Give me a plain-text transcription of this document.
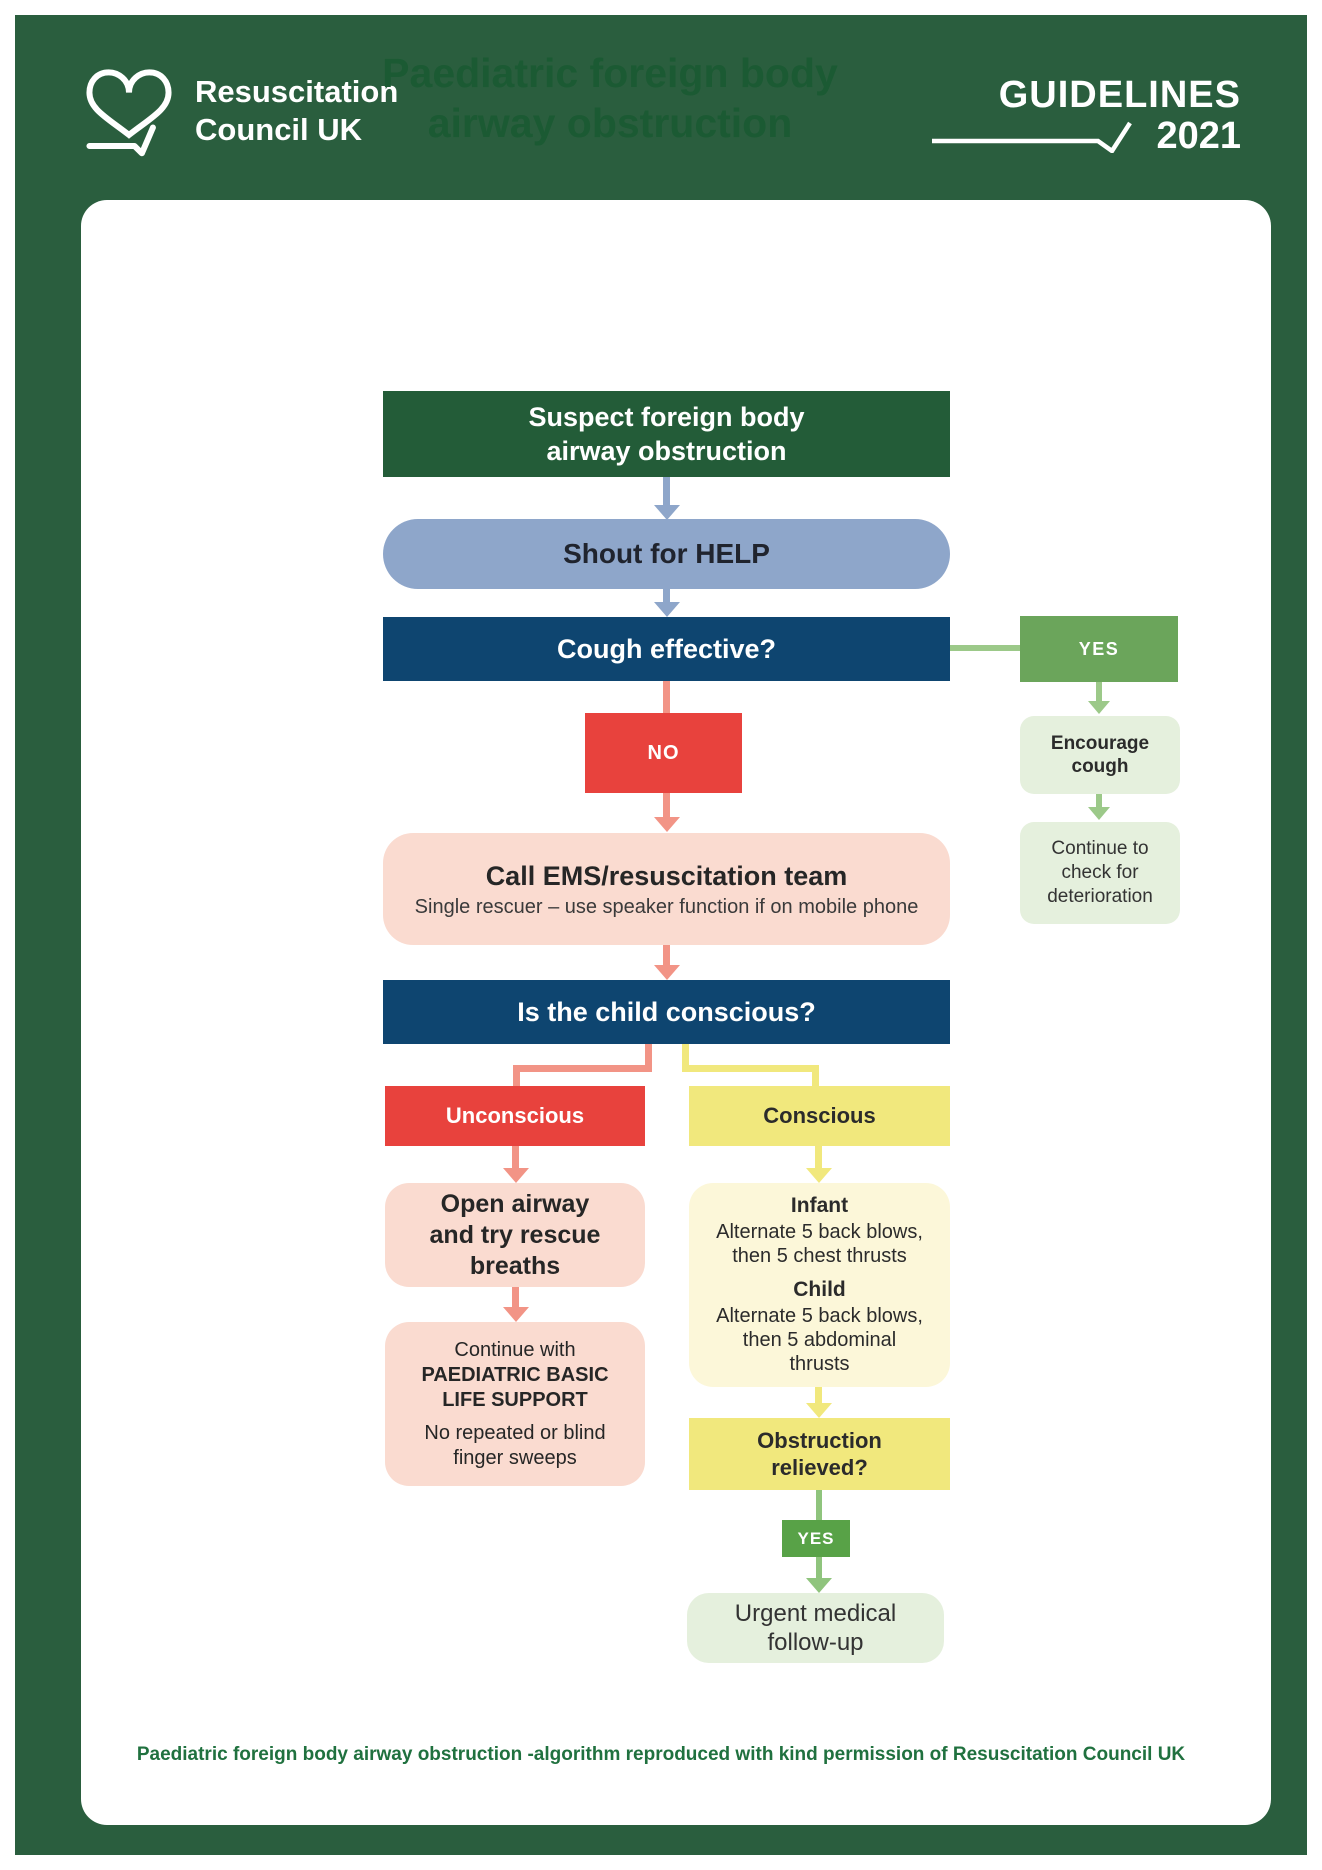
Resuscitation
Council UK
GUIDELINES
2021
Paediatric foreign body
airway obstruction
Suspect foreign body
airway obstruction
Shout for HELP
Cough effective?	YES
Encourage
cough
Continue to
check for
deterioration
NO
Call EMS/resuscitation team
Single rescuer – use speaker function if on mobile phone
Is the child conscious?
Unconscious	Conscious
Open airway
and try rescue
breaths
Continue with
PAEDIATRIC BASIC
LIFE SUPPORT
No repeated or blind
finger sweeps
Infant
Alternate 5 back blows,
then 5 chest thrusts
Child
Alternate 5 back blows,
then 5 abdominal
thrusts
Obstruction
relieved?
YES
Urgent medical
follow-up
Paediatric foreign body airway obstruction -algorithm reproduced with kind permission of Resuscitation Council UK
